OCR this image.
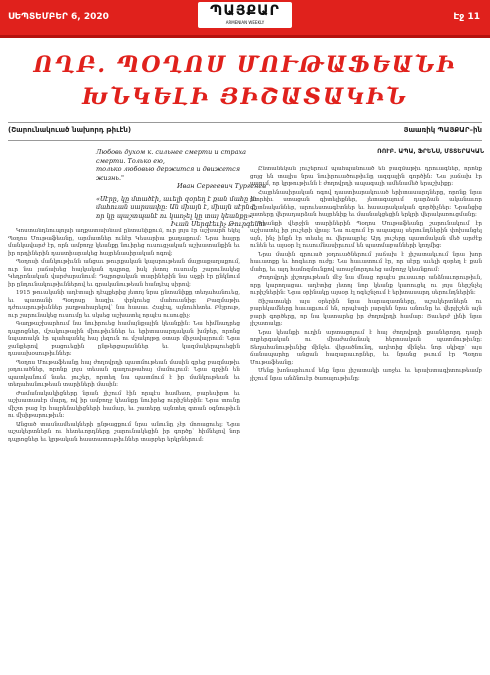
ՍԵՊՏԵՄԲԵՐ 6, 2020	ՊԱՅՔԱՐ
ARMENIAN WEEKLY
Էջ 11
ՈՂԲ. ՊՕՂՈՍ ՄՈՒԹԱՖԵԱՆԻ
ԽՆԿԵԼԻ ՅԻՇԱՏԱԿԻՆ
(Շարունակուած նախորդ թիւէն)	Յաառիկ ՊԱՅՔԱՐ–ին
Любовь духом к. сильнее смерти и страха смерти. Только ею,
только любовью держится и движется жизнь."
Иван Сергеевич Тургенев
«Սէրը, կը մտածէի, աւելի զօրեղ է քան մահը եւ
մահուան սարսափը: Ան միայն է, միայն սէրն է,
որ կը պաշտպանէ ու կառչել կը տայ կեանքը»:
Իւան Սերգէեւիչ Թուրգենեւ
ՌՈՒԲ. ԱՊԱ, ՖՐԵՆՍ, ՄՏՏԵՐԱԿԱՆ

Կոստանդնուպոլսի աղքատախնամ ընտանիքում, ուր լոյս էր աշխարհ եկել Պօղոս Մութաֆեանը, արմատներ ունէր Կեսարիա քաղաքում: Նրա հայրը մանկավարժ էր, որն ամբողջ կեանքը նուիրեց ուսուցչական աշխատանքին եւ իր որդիներին դաստիարակեց հայրենասիրական ոգով:

Պօղոսի մանկութիւնն անցաւ թուրքական կայսրութեան մայրաքաղաքում, ուր նա յաճախեց հայկական դպրոց, իսկ յետոյ ուսումը շարունակեց Կեդրոնական վարժարանում: Դպրոցական տարիներին նա աչքի էր ընկնում իր ընդունակութիւններով եւ գրականութեան հանդէպ սիրով:

1915 թուականի աղէտալի դէպքերից յետոյ նրա ընտանիքը տեղահանուեց, եւ պատանի Պօղոսը հազիւ փրկուեց մահուանից: Բազմաթիւ դժուարութիւններ յաղթահարելով՝ նա հասաւ Հալէպ, այնուհետեւ Բէյրութ, ուր շարունակեց ուսումը եւ սկսեց աշխատել որպէս ուսուցիչ:

Գաղթաշխարհում նա նուիրուեց համայնքային կեանքին: Նա հիմնադրեց դպրոցներ, մշակութային միութիւններ եւ երիտասարդական խմբեր, որոնց նպատակն էր պահպանել հայ լեզուն ու մշակոյթը օտար միջավայրում: Նրա ջանքերով բացուեցին ընթերցարաններ եւ կազմակերպուեցին դասախօսութիւններ:

Պօղոս Մութաֆեանը հայ ժողովրդի պատմութեան մասին գրեց բազմաթիւ յօդուածներ, որոնք լոյս տեսան գաղութահայ մամուլում: Նրա գրչին են պատկանում նաեւ յուշեր, որտեղ նա պատմում է իր մանկութեան եւ տեղահանութեան տարիների մասին:

Ժամանակակիցները նրան յիշում էին որպէս համեստ, բարեսիրտ եւ աշխատասէր մարդ, ով իր ամբողջ կեանքը նուիրեց ուրիշներին: Նրա տունը միշտ բաց էր հայրենակիցների համար, եւ շատերը այնտեղ գտան օգնութիւն ու մխիթարութիւն:

Անցած տասնամեակների ընթացքում նրա անունը չէր մոռացուել: Նրա աշակերտներն ու հետեւորդները շարունակեցին իր գործը՝ հիմնելով նոր դպրոցներ եւ կրթական հաստատութիւններ տարբեր երկրներում:

Ընտանեկան յուշերում պահպանուած են բազմաթիւ դրուագներ, որոնք ցոյց են տալիս նրա նուիրուածութիւնը ազգային գործին: Նա յաճախ էր ասում, որ կրթութիւնն է ժողովրդի ապագայի ամենամեծ երաշխիքը:

Հայրենասիրական ոգով դաստիարակուած երիտասարդները, որոնք նրա շնորհիւ ստացան գիտելիքներ, յետագայում դարձան ականաւոր գիտնականներ, արուեստագէտներ եւ հասարակական գործիչներ: Նրանցից շատերը վերադարձան հայրենիք եւ մասնակցեցին երկրի վերակառուցմանը:

Կեանքի վերջին տարիներին Պօղոս Մութաֆեանը շարունակում էր աշխատել իր յուշերի վրայ: Նա ուզում էր ապագայ սերունդներին փոխանցել այն, ինչ ինքն էր տեսել ու վերապրել: Այդ յուշերը պատմական մեծ արժէք ունեն եւ այսօր էլ ուսումնասիրւում են պատմաբանների կողմից:

Նրա մասին գրուած յօդուածներում յաճախ է յիշատակւում նրա խոր հաւատքը եւ հոգեւոր ուժը: Նա հաւատում էր, որ սէրը աւելի զօրեղ է քան մահը, եւ այդ համոզմունքով առաջնորդուեց ամբողջ կեանքում:

Ժողովրդի յիշողութեան մէջ նա մնաց որպէս լուսաւոր անձնաւորութիւն, որը կարողացաւ աղէտից յետոյ նոր կեանք կառուցել ու յոյս ներշնչել ուրիշներին: Նրա օրինակը այսօր էլ ոգեշնչում է երիտասարդ սերունդներին:

Յիշատակի այս օրերին նրա հարազատները, աշակերտներն ու բարեկամները հաւաքւում են, որպէսզի յարգեն նրա անունը եւ վերյիշեն այն բարի գործերը, որ նա կատարեց իր ժողովրդի համար: Յաւերժ լինի նրա յիշատակը:

Նրա կեանքի ուղին արտացոլում է հայ ժողովրդի քսաներորդ դարի ողբերգական ու միաժամանակ հերոսական պատմութիւնը: Տեղահանութիւնից մինչեւ վերածնունդ, աղէտից մինչեւ նոր սկիզբ՝ այս ճանապարհը անցան հազարաւորներ, եւ նրանց թւում էր Պօղոս Մութաֆեանը:

Մենք խոնարհւում ենք նրա յիշատակի առջեւ եւ երախտագիտութեամբ յիշում նրա անձնուէր ծառայութիւնը:
